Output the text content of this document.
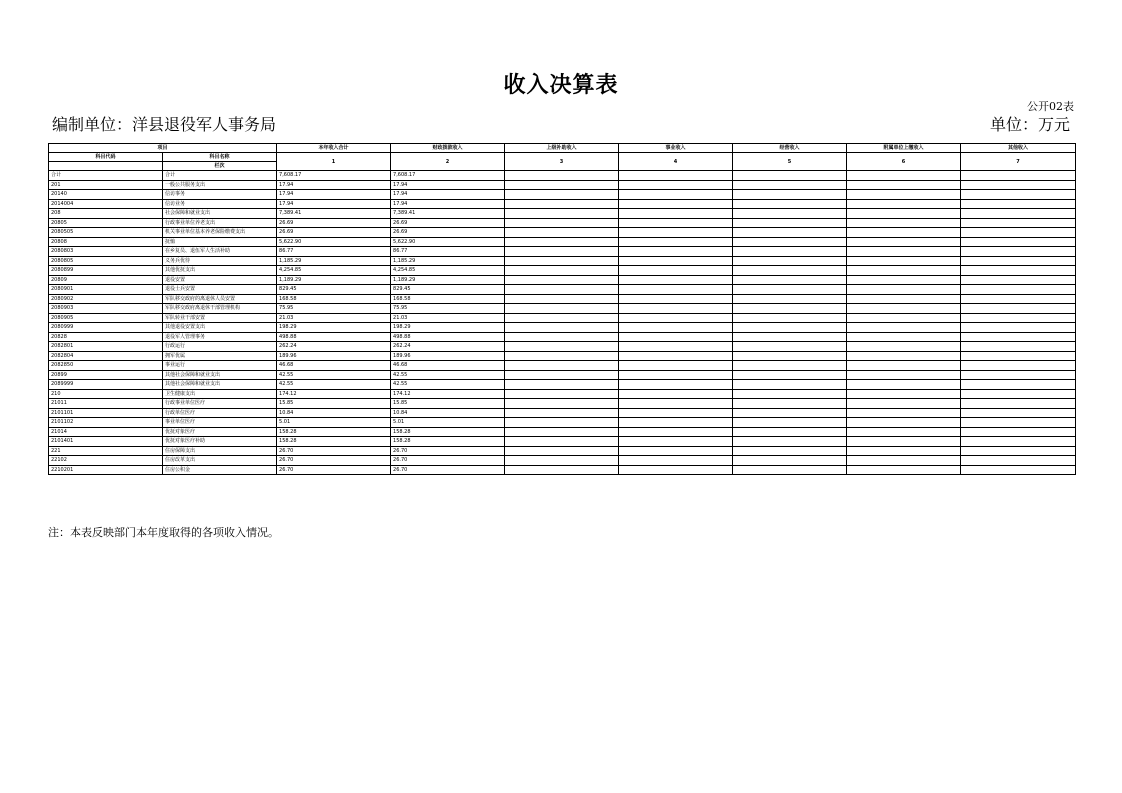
收入决算表
公开02表
编制单位：洋县退役军人事务局	单位：万元
项目		本年收入合计	财政拨款收入	上级补助收入	事业收入	经营收入	附属单位上缴收入	其他收入
科目代码	科目名称	1	2	3	4	5	6	7
	栏次							
合计	合计	7,608.17	7,608.17					
201	一般公共服务支出	17.94	17.94					
20140	信访事务	17.94	17.94					
2014004	信访业务	17.94	17.94					
208	社会保障和就业支出	7,389.41	7,389.41					
20805	行政事业单位养老支出	26.69	26.69					
2080505	机关事业单位基本养老保险缴费支出	26.69	26.69					
20808	抚恤	5,622.90	5,622.90					
2080803	在乡复员、退伍军人生活补助	86.77	86.77					
2080805	义务兵优待	1,185.29	1,185.29					
2080899	其他优抚支出	4,254.85	4,254.85					
20809	退役安置	1,189.29	1,189.29					
2080901	退役士兵安置	829.45	829.45					
2080902	军队移交政府的离退休人员安置	168.58	168.58					
2080903	军队移交政府离退休干部管理机构	75.95	75.95					
2080905	军队转业干部安置	21.03	21.03					
2080999	其他退役安置支出	198.29	198.29					
20828	退役军人管理事务	498.88	498.88					
2082801	行政运行	262.24	262.24					
2082804	拥军优属	189.96	189.96					
2082850	事业运行	46.68	46.68					
20899	其他社会保障和就业支出	42.55	42.55					
2089999	其他社会保障和就业支出	42.55	42.55					
210	卫生健康支出	174.12	174.12					
21011	行政事业单位医疗	15.85	15.85					
2101101	行政单位医疗	10.84	10.84					
2101102	事业单位医疗	5.01	5.01					
21014	优抚对象医疗	158.28	158.28					
2101401	优抚对象医疗补助	158.28	158.28					
221	住房保障支出	26.70	26.70					
22102	住房改革支出	26.70	26.70					
2210201	住房公积金	26.70	26.70					
注：本表反映部门本年度取得的各项收入情况。
